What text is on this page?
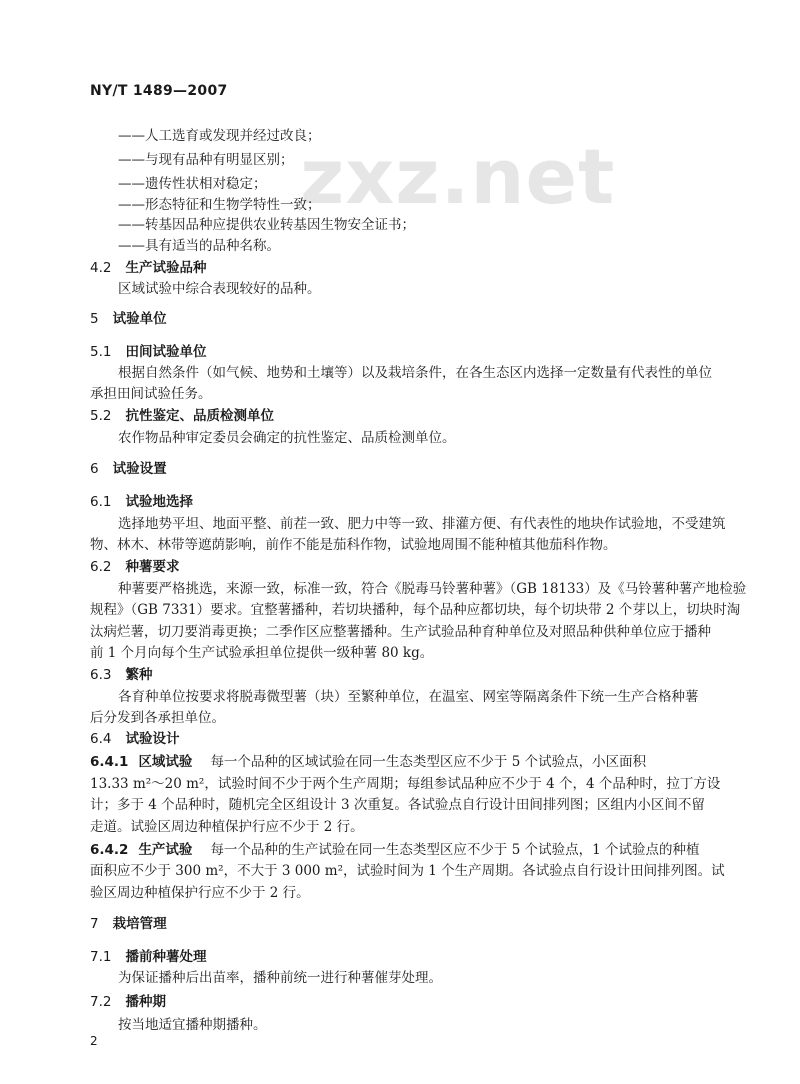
zxz.net
NY/T 1489—2007
——人工选育或发现并经过改良；
——与现有品种有明显区别；
——遗传性状相对稳定；
——形态特征和生物学特性一致；
——转基因品种应提供农业转基因生物安全证书；
——具有适当的品种名称。
4.2 生产试验品种
区域试验中综合表现较好的品种。
5 试验单位
5.1 田间试验单位
根据自然条件（如气候、地势和土壤等）以及栽培条件，在各生态区内选择一定数量有代表性的单位
承担田间试验任务。
5.2 抗性鉴定、品质检测单位
农作物品种审定委员会确定的抗性鉴定、品质检测单位。
6 试验设置
6.1 试验地选择
选择地势平坦、地面平整、前茬一致、肥力中等一致、排灌方便、有代表性的地块作试验地，不受建筑
物、林木、林带等遮荫影响，前作不能是茄科作物，试验地周围不能种植其他茄科作物。
6.2 种薯要求
种薯要严格挑选，来源一致，标准一致，符合《脱毒马铃薯种薯》（GB 18133）及《马铃薯种薯产地检验
规程》（GB 7331）要求。宜整薯播种，若切块播种，每个品种应都切块，每个切块带 2 个芽以上，切块时淘
汰病烂薯，切刀要消毒更换；二季作区应整薯播种。生产试验品种育种单位及对照品种供种单位应于播种
前 1 个月向每个生产试验承担单位提供一级种薯 80 kg。
6.3 繁种
各育种单位按要求将脱毒微型薯（块）至繁种单位，在温室、网室等隔离条件下统一生产合格种薯
后分发到各承担单位。
6.4 试验设计
6.4.1 区域试验 每一个品种的区域试验在同一生态类型区应不少于 5 个试验点，小区面积
13.33 m²～20 m²，试验时间不少于两个生产周期；每组参试品种应不少于 4 个，4 个品种时，拉丁方设
计；多于 4 个品种时，随机完全区组设计 3 次重复。各试验点自行设计田间排列图；区组内小区间不留
走道。试验区周边种植保护行应不少于 2 行。
6.4.2 生产试验 每一个品种的生产试验在同一生态类型区应不少于 5 个试验点，1 个试验点的种植
面积应不少于 300 m²，不大于 3 000 m²，试验时间为 1 个生产周期。各试验点自行设计田间排列图。试
验区周边种植保护行应不少于 2 行。
7 栽培管理
7.1 播前种薯处理
为保证播种后出苗率，播种前统一进行种薯催芽处理。
7.2 播种期
按当地适宜播种期播种。
2
